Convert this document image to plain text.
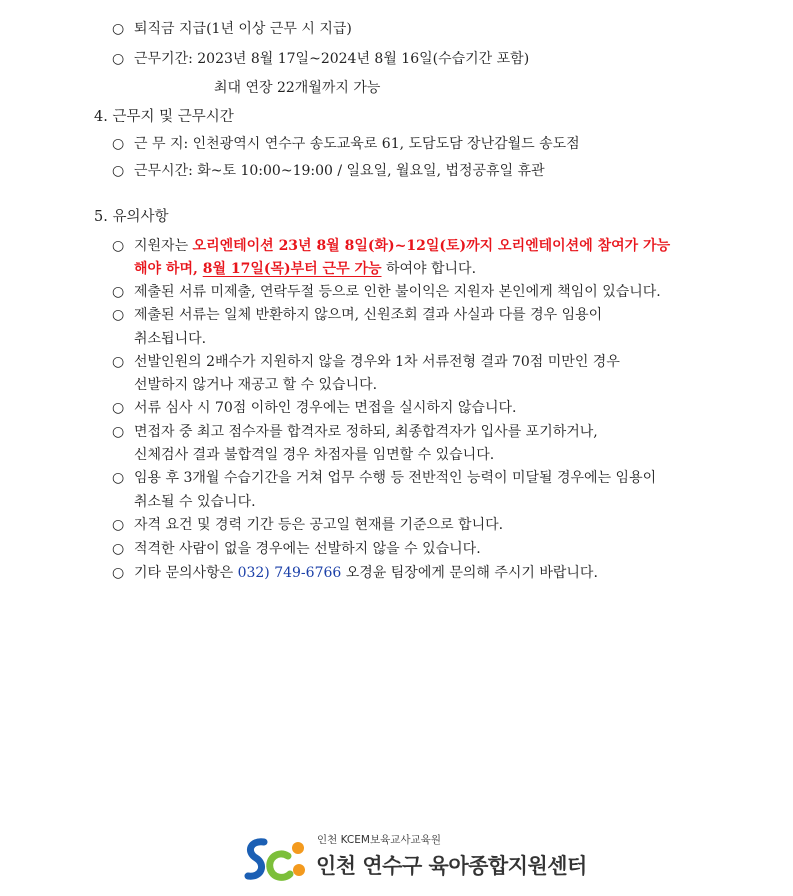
○ 퇴직금 지급(1년 이상 근무 시 지급)
○ 근무기간: 2023년 8월 17일~2024년 8월 16일(수습기간 포함)
최대 연장 22개월까지 가능
4. 근무지 및 근무시간
○ 근 무 지: 인천광역시 연수구 송도교육로 61, 도담도담 장난감월드 송도점
○ 근무시간: 화~토 10:00~19:00 / 일요일, 월요일, 법정공휴일 휴관
5. 유의사항
○ 지원자는 오리엔테이션 23년 8월 8일(화)~12일(토)까지 오리엔테이션에 참여가 가능
해야 하며, 8월 17일(목)부터 근무 가능 하여야 합니다.
○ 제출된 서류 미제출, 연락두절 등으로 인한 불이익은 지원자 본인에게 책임이 있습니다.
○ 제출된 서류는 일체 반환하지 않으며, 신원조회 결과 사실과 다를 경우 임용이
취소됩니다.
○ 선발인원의 2배수가 지원하지 않을 경우와 1차 서류전형 결과 70점 미만인 경우
선발하지 않거나 재공고 할 수 있습니다.
○ 서류 심사 시 70점 이하인 경우에는 면접을 실시하지 않습니다.
○ 면접자 중 최고 점수자를 합격자로 정하되, 최종합격자가 입사를 포기하거나,
신체검사 결과 불합격일 경우 차점자를 임면할 수 있습니다.
○ 임용 후 3개월 수습기간을 거쳐 업무 수행 등 전반적인 능력이 미달될 경우에는 임용이
취소될 수 있습니다.
○ 자격 요건 및 경력 기간 등은 공고일 현재를 기준으로 합니다.
○ 적격한 사람이 없을 경우에는 선발하지 않을 수 있습니다.
○ 기타 문의사항은 032) 749-6766 오경윤 팀장에게 문의해 주시기 바랍니다.
인천 KCEM보육교사교육원
인천 연수구 육아종합지원센터
